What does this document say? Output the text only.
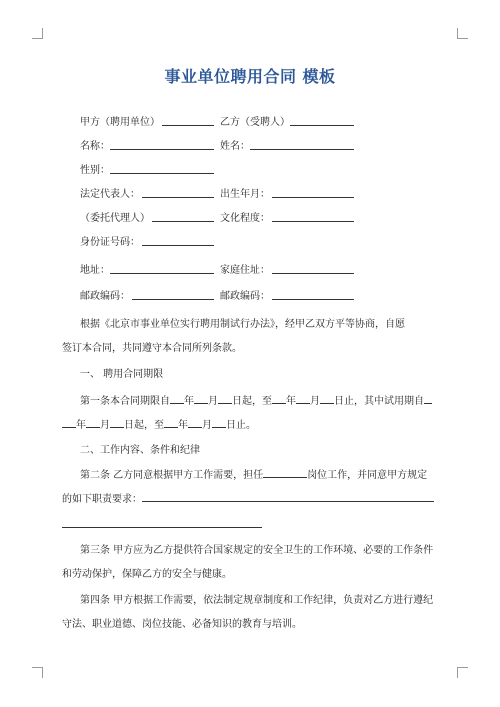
事业单位聘用合同 模板
甲方（聘用单位）	乙方（受聘人）
名称：	姓名：
性别：
法定代表人：	出生年月：
（委托代理人）	文化程度：
身份证号码：
地址：	家庭住址：
邮政编码：	邮政编码：
根据《北京市事业单位实行聘用制试行办法》，经甲乙双方平等协商，自愿
签订本合同，共同遵守本合同所列条款。
一、 聘用合同期限
第一条本合同期限自 年 月 日起，至 年 月 日止，其中试用期自
年 月 日起，至 年 月 日止。
二、工作内容、条件和纪律
第二条 乙方同意根据甲方工作需要，担任	岗位工作，并同意甲方规定
的如下职责要求：
第三条 甲方应为乙方提供符合国家规定的安全卫生的工作环境、必要的工作条件
和劳动保护，保障乙方的安全与健康。
第四条 甲方根据工作需要，依法制定规章制度和工作纪律，负责对乙方进行遵纪
守法、职业道德、岗位技能、必备知识的教育与培训。
